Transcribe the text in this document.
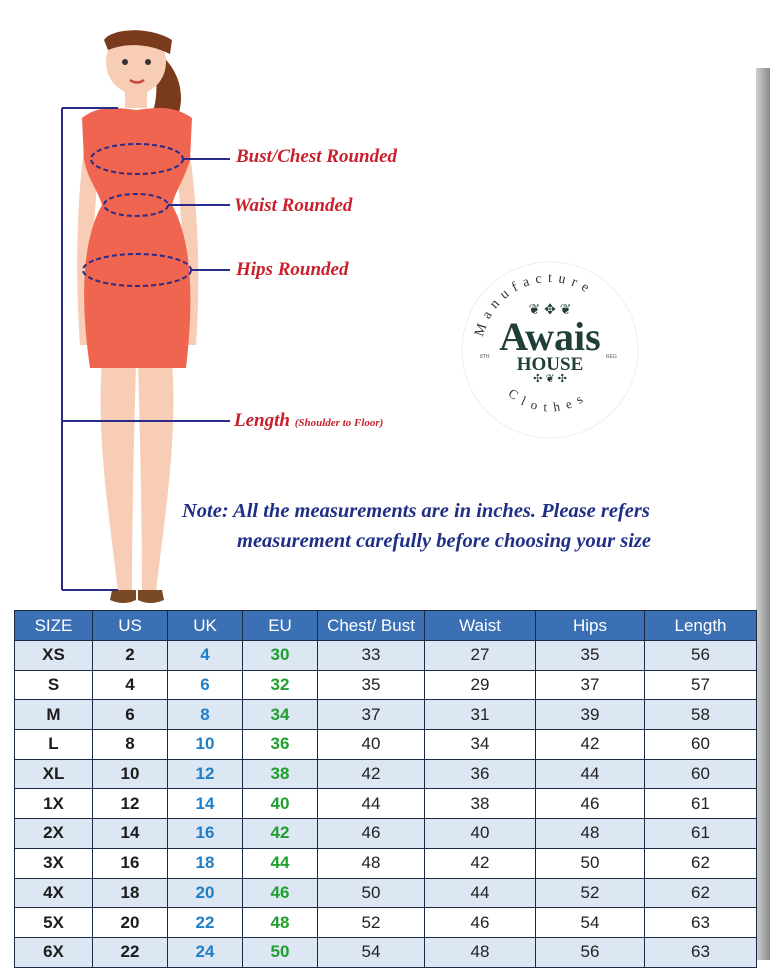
Bust/Chest Rounded
Waist Rounded
Hips Rounded
Length (Shoulder to Floor)
Manufacture
❦ ✥ ❦
Awais
HOUSE
8TH	REG
✣ ❦ ✣
Clothes
Note: All the measurements are in inches. Please refers
measurement carefully before choosing your size
SIZE	US	UK	EU	Chest/ Bust	Waist	Hips	Length
XS	2	4	30	33	27	35	56
S	4	6	32	35	29	37	57
M	6	8	34	37	31	39	58
L	8	10	36	40	34	42	60
XL	10	12	38	42	36	44	60
1X	12	14	40	44	38	46	61
2X	14	16	42	46	40	48	61
3X	16	18	44	48	42	50	62
4X	18	20	46	50	44	52	62
5X	20	22	48	52	46	54	63
6X	22	24	50	54	48	56	63
